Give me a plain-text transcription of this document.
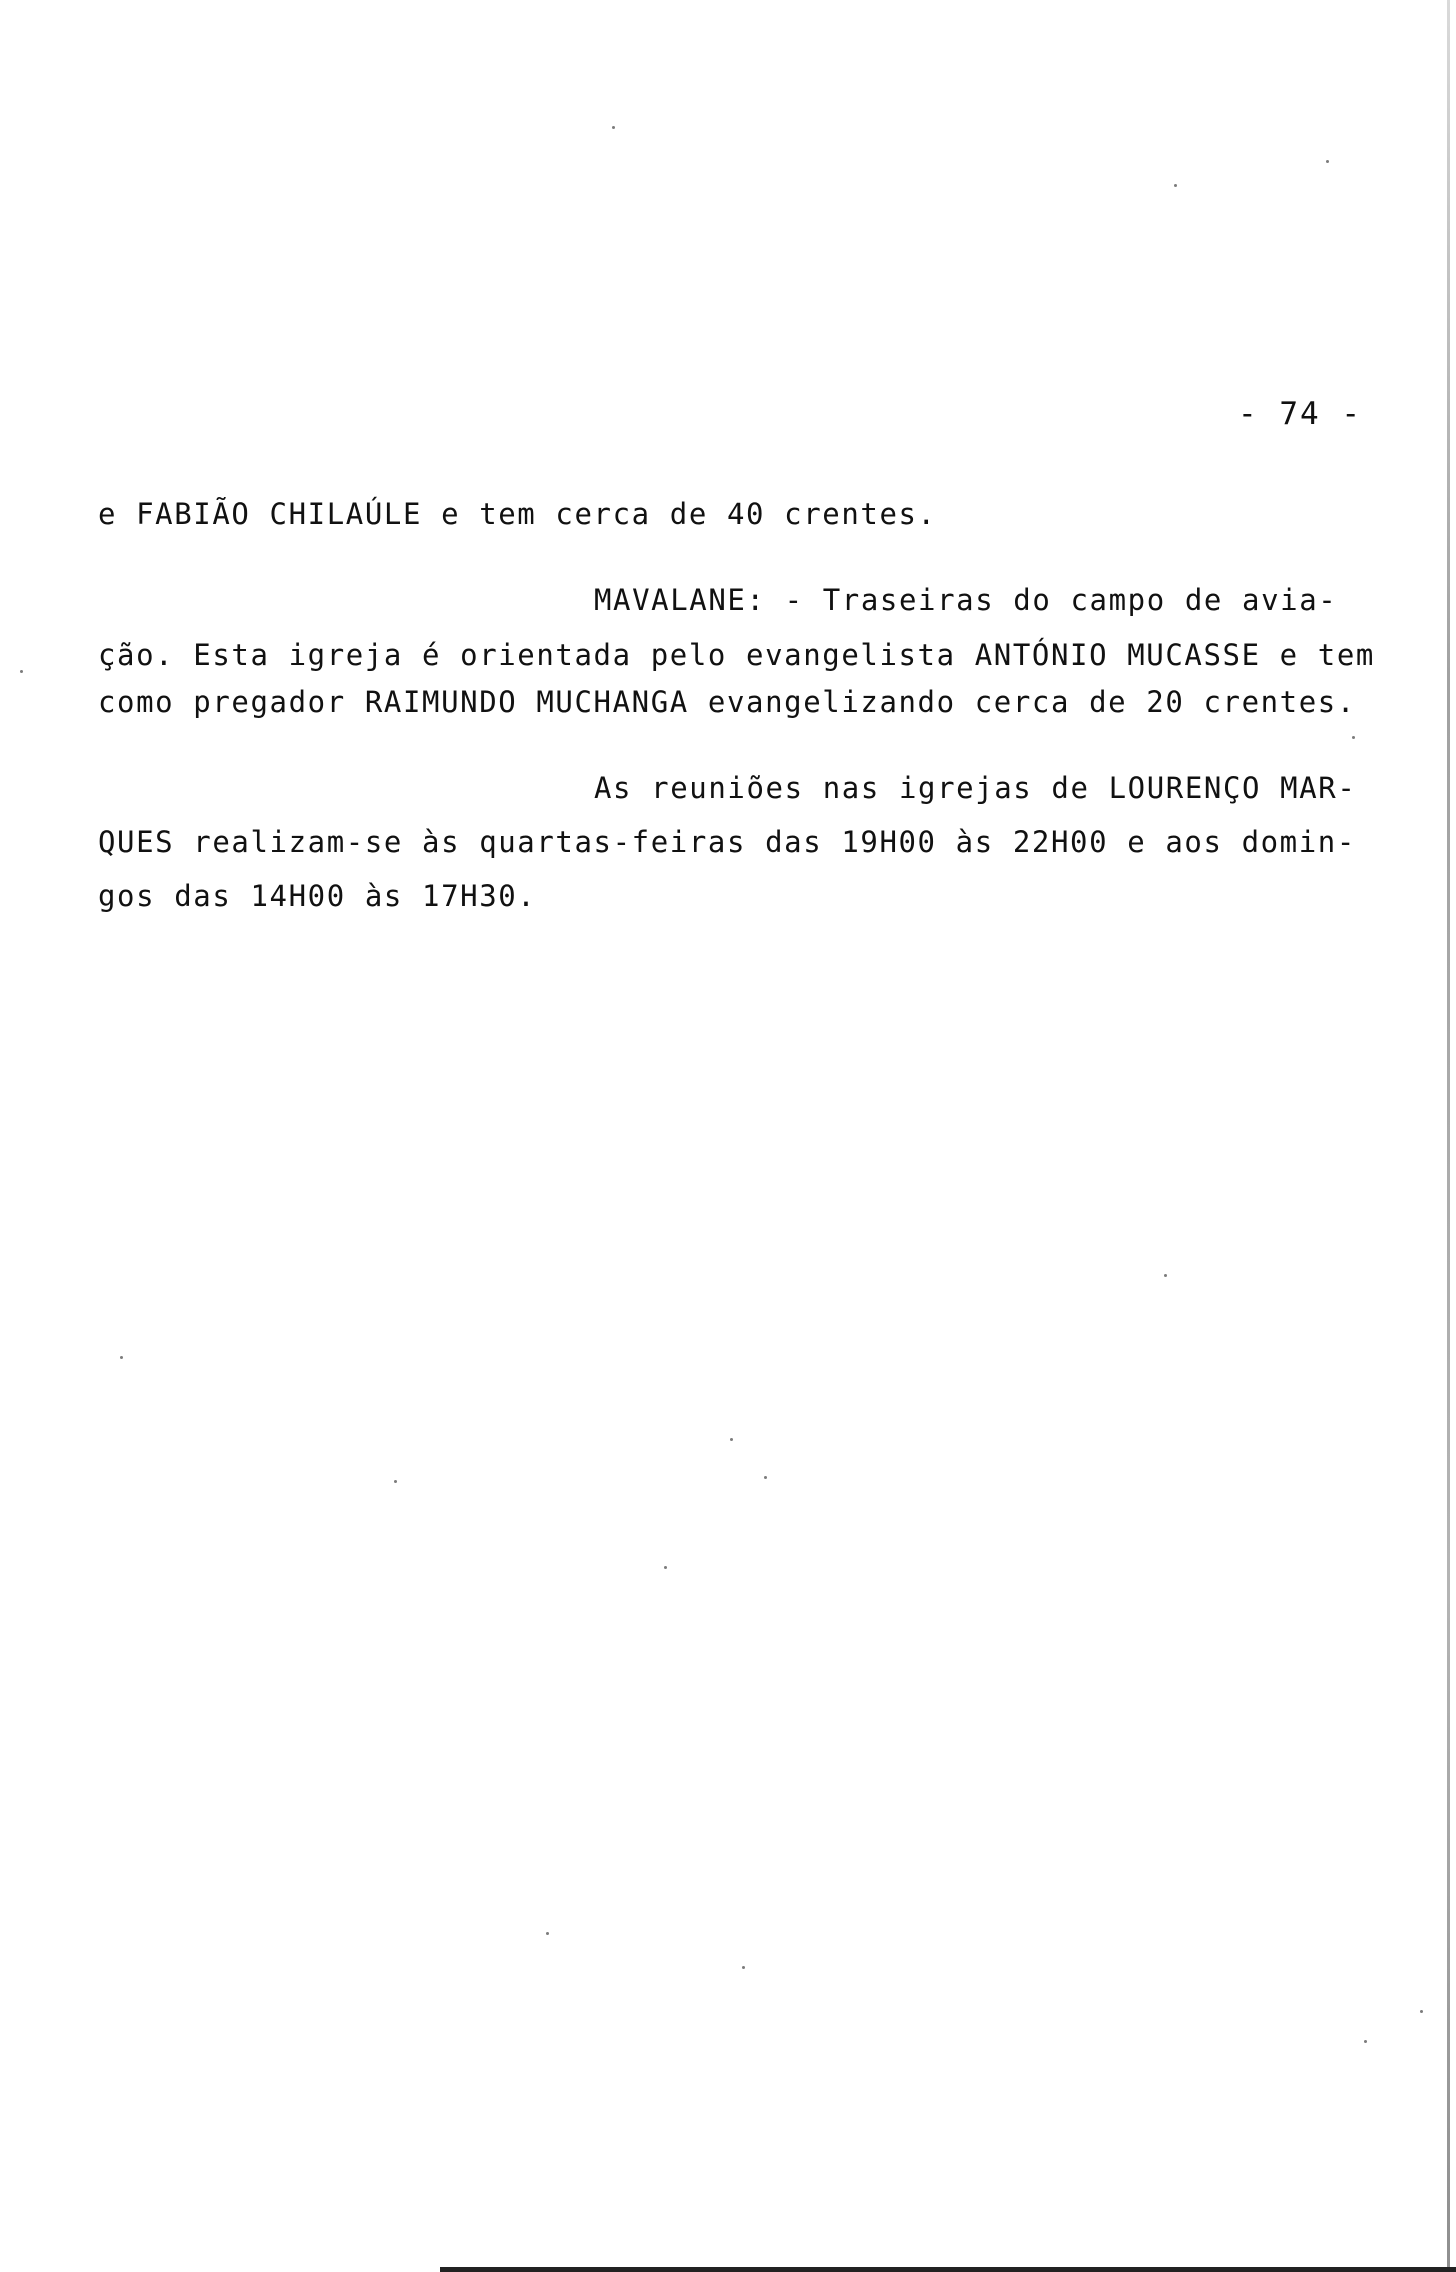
- 74 -
e FABIÃO CHILAÚLE e tem cerca de 40 crentes.
MAVALANE: - Traseiras do campo de avia-
ção. Esta igreja é orientada pelo evangelista ANTÓNIO MUCASSE e tem
como pregador RAIMUNDO MUCHANGA evangelizando cerca de 20 crentes.
As reuniões nas igrejas de LOURENÇO MAR-
QUES realizam-se às quartas-feiras das 19H00 às 22H00 e aos domin-
gos das 14H00 às 17H30.
